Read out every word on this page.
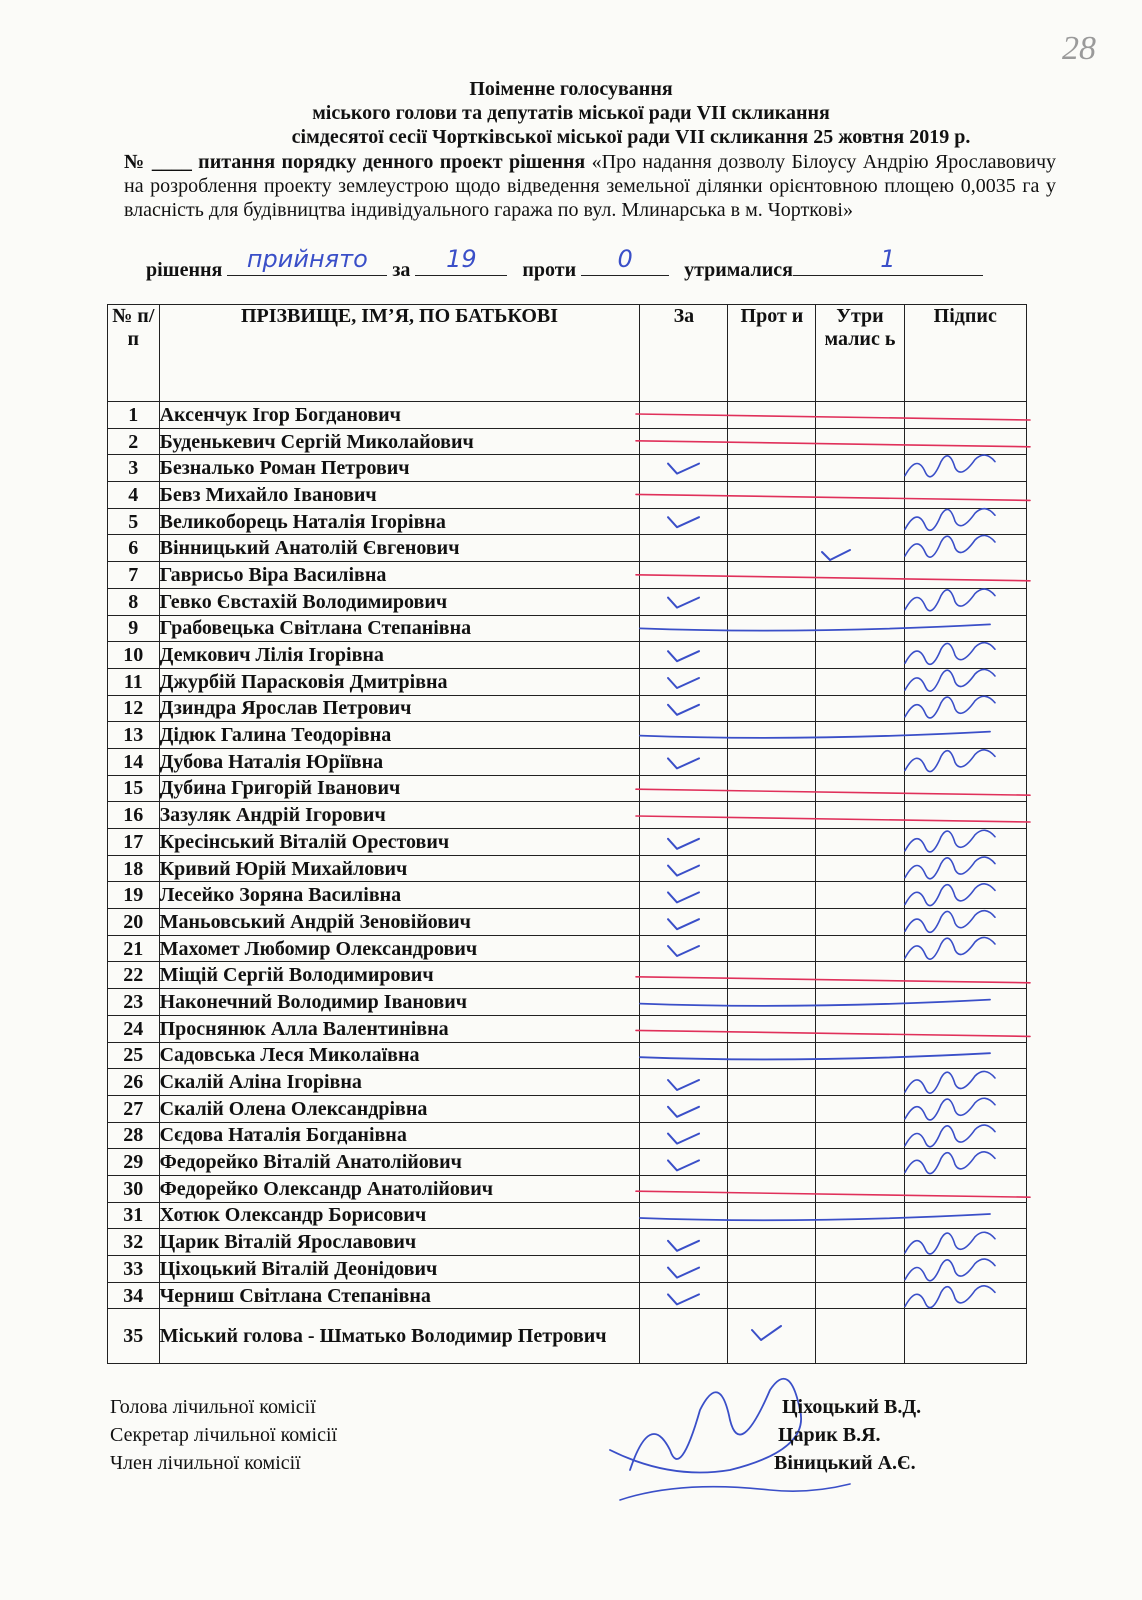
28
Поіменне голосування
міського голови та депутатів міської ради VII скликання
сімдесятої сесії Чортківської міської ради VII скликання 25 жовтня 2019 р.
№ ____ питання порядку денного проект рішення «Про надання дозволу Білоусу Андрію Ярославовичу на розроблення проекту землеустрою щодо відведення земельної ділянки орієнтовною площею 0,0035 га у власність для будівництва індивідуального гаража по вул. Млинарська в м. Чорткові»
рішення	прийнято	за	19	проти	0	утрималися	1
№ п/п	ПРІЗВИЩЕ, ІМ’Я, ПО БАТЬКОВІ	За	Прот и	Утри малис ь	Підпис
1	Аксенчук Ігор Богданович				
2	Буденькевич Сергій Миколайович				
3	Безналько Роман Петрович				
4	Бевз Михайло Іванович				
5	Великоборець Наталія Ігорівна				
6	Вінницький Анатолій Євгенович				
7	Гаврисьо Віра Василівна				
8	Гевко Євстахій Володимирович				
9	Грабовецька Світлана Степанівна				
10	Демкович Лілія Ігорівна				
11	Джурбій Парасковія Дмитрівна				
12	Дзиндра Ярослав Петрович				
13	Дідюк Галина Теодорівна				
14	Дубова Наталія Юріївна				
15	Дубина Григорій Іванович				
16	Зазуляк Андрій Ігорович				
17	Кресінський Віталій Орестович				
18	Кривий Юрій Михайлович				
19	Лесейко Зоряна Василівна				
20	Маньовський Андрій Зеновійович				
21	Махомет Любомир Олександрович				
22	Міщій Сергій Володимирович				
23	Наконечний Володимир Іванович				
24	Проснянюк Алла Валентинівна				
25	Садовська Леся Миколаївна				
26	Скалій Аліна Ігорівна				
27	Скалій Олена Олександрівна				
28	Сєдова Наталія Богданівна				
29	Федорейко Віталій Анатолійович				
30	Федорейко Олександр Анатолійович				
31	Хотюк Олександр Борисович				
32	Царик Віталій Ярославович				
33	Ціхоцький Віталій Деонідович				
34	Черниш Світлана Степанівна				
35	Міський голова - Шматько Володимир Петрович				
Голова лічильної комісії
Секретар лічильної комісії
Член лічильної комісії
Ціхоцький В.Д.
Царик В.Я.
Віницький А.Є.
